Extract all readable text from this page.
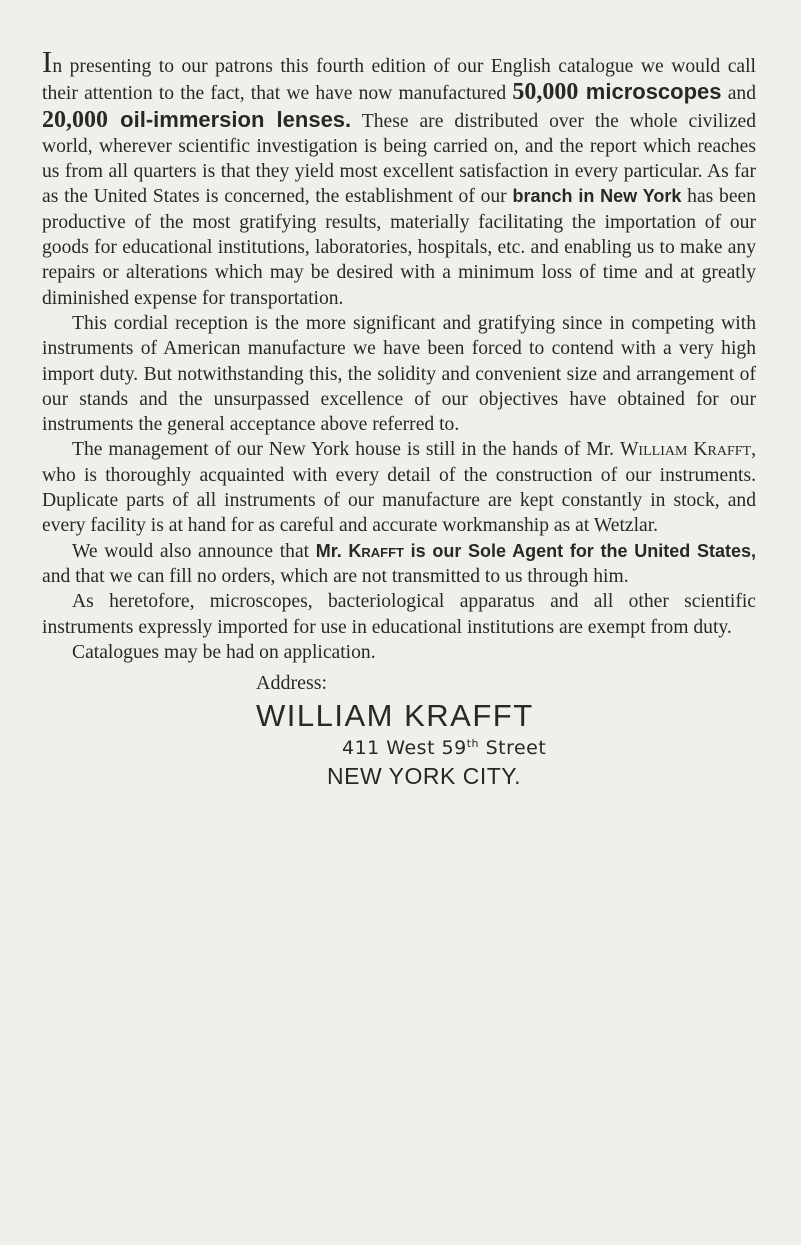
In presenting to our patrons this fourth edition of our English catalogue we would call their attention to the fact, that we have now manufactured 50,000 microscopes and 20,000 oil-immersion lenses. These are distributed over the whole civilized world, wherever scientific investigation is being carried on, and the report which reaches us from all quarters is that they yield most excellent satisfaction in every particular. As far as the United States is concerned, the establishment of our branch in New York has been productive of the most gratifying results, materially facilitating the importation of our goods for educational institutions, laboratories, hospitals, etc. and enabling us to make any repairs or alterations which may be desired with a minimum loss of time and at greatly diminished expense for transportation.

This cordial reception is the more significant and gratifying since in competing with instruments of American manufacture we have been forced to contend with a very high import duty. But notwithstanding this, the solidity and convenient size and arrangement of our stands and the unsurpassed excellence of our objectives have obtained for our instruments the general acceptance above referred to.

The management of our New York house is still in the hands of Mr. William Krafft, who is thoroughly acquainted with every detail of the construction of our instruments. Duplicate parts of all instruments of our manufacture are kept constantly in stock, and every facility is at hand for as careful and accurate workmanship as at Wetzlar.

We would also announce that Mr. Krafft is our Sole Agent for the United States, and that we can fill no orders, which are not transmitted to us through him.

As heretofore, microscopes, bacteriological apparatus and all other scientific instruments expressly imported for use in educational institutions are exempt from duty.

Catalogues may be had on application.

Address:
WILLIAM KRAFFT
411 West 59th Street
NEW YORK CITY.
